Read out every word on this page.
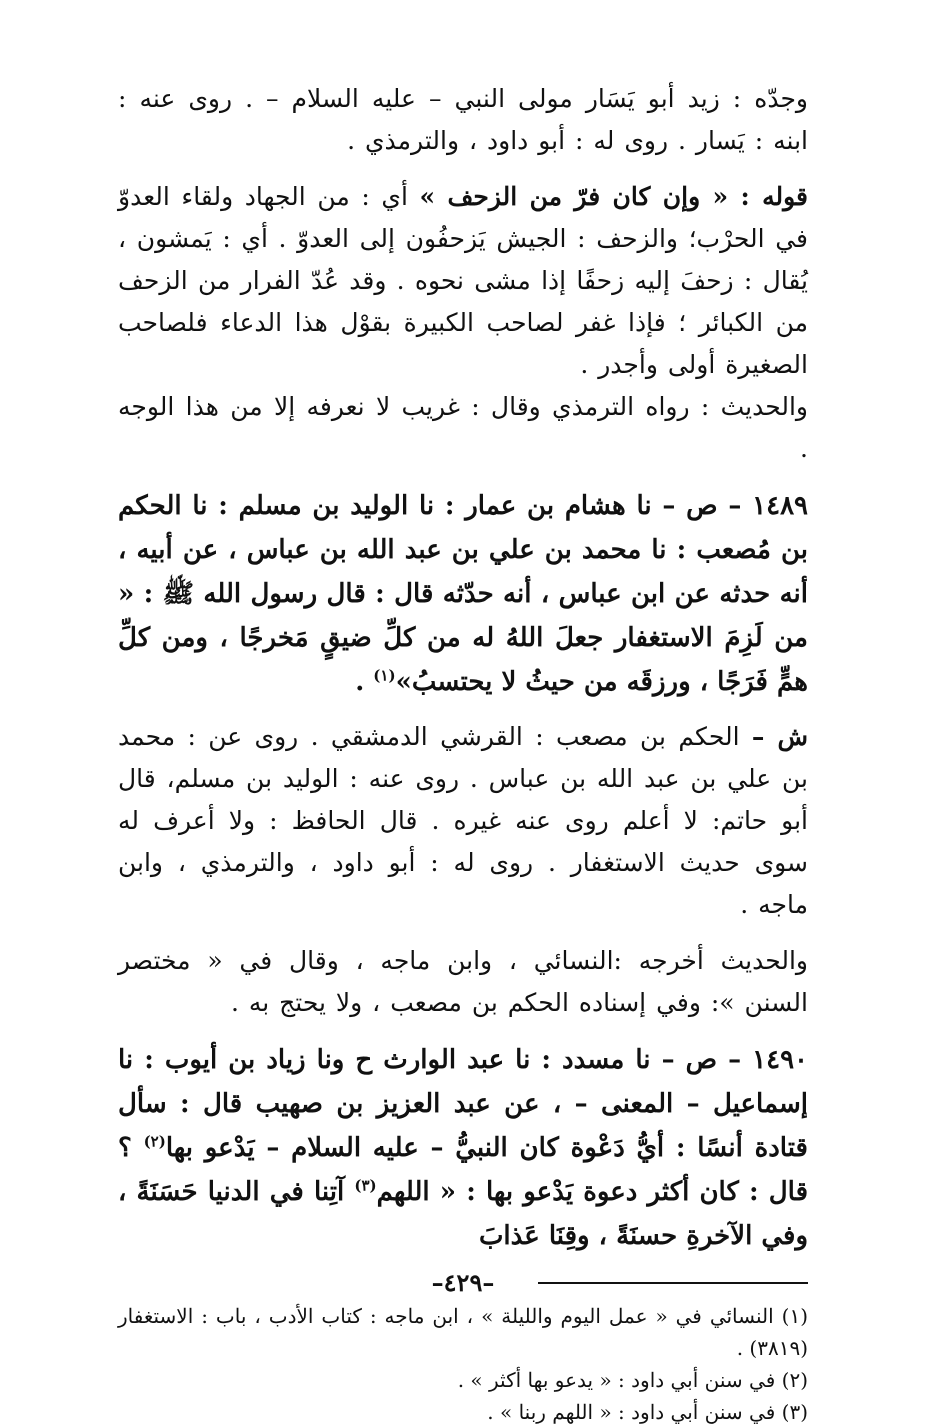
وجدّه : زيد أبو يَسَار مولى النبي – عليه السلام – . روى عنه : ابنه : يَسار . روى له : أبو داود ، والترمذي .

قوله : « وإن كان فرّ من الزحف » أي : من الجهاد ولقاء العدوّ في الحرْب؛ والزحف : الجيش يَزحفُون إلى العدوّ . أي : يَمشون ، يُقال : زحفَ إليه زحفًا إذا مشى نحوه . وقد عُدّ الفرار من الزحف من الكبائر ؛ فإذا غفر لصاحب الكبيرة بقوْل هذا الدعاء فلصاحب الصغيرة أولى وأجدر .
والحديث : رواه الترمذي وقال : غريب لا نعرفه إلا من هذا الوجه .

١٤٨٩ – ص – نا هشام بن عمار : نا الوليد بن مسلم : نا الحكم بن مُصعب : نا محمد بن علي بن عبد الله بن عباس ، عن أبيه ، أنه حدثه عن ابن عباس ، أنه حدّثه قال : قال رسول الله ﷺ : « من لَزِمَ الاستغفار جعلَ اللهُ له من كلِّ ضيقٍ مَخرجًا ، ومن كلِّ همٍّ فَرَجًا ، ورزقَه من حيثُ لا يحتسبُ»$^{(١)}$ .

ش – الحكم بن مصعب : القرشي الدمشقي . روى عن : محمد بن علي بن عبد الله بن عباس . روى عنه : الوليد بن مسلم، قال أبو حاتم: لا أعلم روى عنه غيره . قال الحافظ : ولا أعرف له سوى حديث الاستغفار . روى له : أبو داود ، والترمذي ، وابن ماجه .

والحديث أخرجه :النسائي ، وابن ماجه ، وقال في « مختصر السنن »: وفي إسناده الحكم بن مصعب ، ولا يحتج به .

١٤٩٠ – ص – نا مسدد : نا عبد الوارث ح ونا زياد بن أيوب : نا إسماعيل – المعنى – ، عن عبد العزيز بن صهيب قال : سأل قتادة أنسًا : أيُّ دَعْوة كان النبيُّ – عليه السلام – يَدْعو بها$^{(٢)}$ ؟ قال : كان أكثر دعوة يَدْعو بها : « اللهم$^{(٣)}$ آتِنا في الدنيا حَسَنَةً ، وفي الآخرةِ حسنَةً ، وقِنَا عَذابَ

(١) النسائي في « عمل اليوم والليلة » ، ابن ماجه : كتاب الأدب ، باب : الاستغفار (٣٨١٩) .

(٢) في سنن أبي داود : « يدعو بها أكثر » .

(٣) في سنن أبي داود : « اللهم ربنا » .

–٤٢٩–
